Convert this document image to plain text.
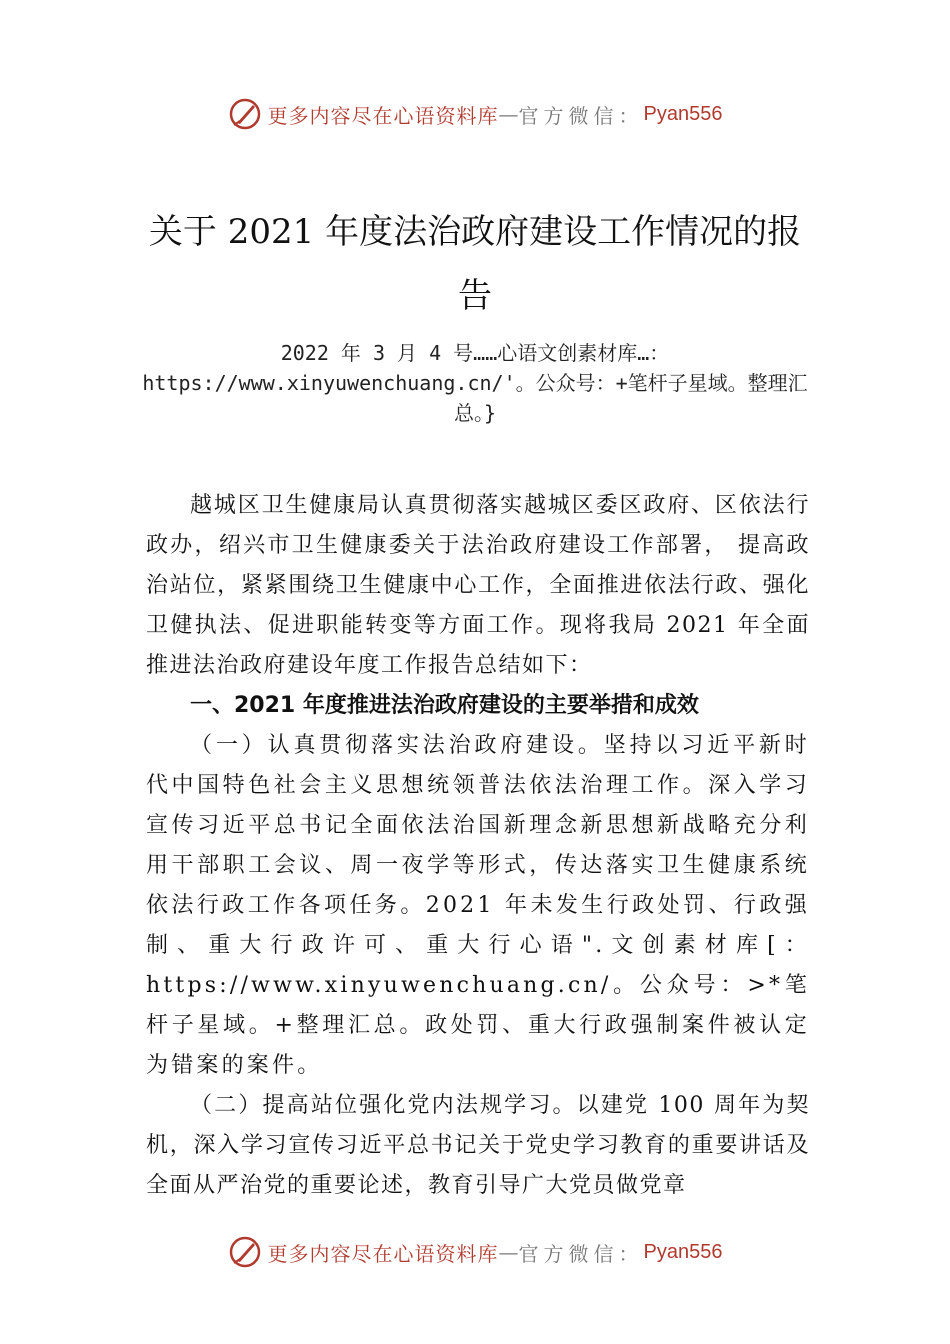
更多内容尽在心语资料库 — 官方微信： Pyan556
关于 2021 年度法治政府建设工作情况的报告
2022 年 3 月 4 号……心语文创素材库…：https://www.xinyuwenchuang.cn/'。公众号：+笔杆子星域。整理汇总。}

越城区卫生健康局认真贯彻落实越城区委区政府、区依法行政办，绍兴市卫生健康委关于法治政府建设工作部署， 提高政治站位，紧紧围绕卫生健康中心工作，全面推进依法行政、强化卫健执法、促进职能转变等方面工作。现将我局 2021 年全面推进法治政府建设年度工作报告总结如下：

一、2021 年度推进法治政府建设的主要举措和成效

（一）认真贯彻落实法治政府建设。坚持以习近平新时代中国特色社会主义思想统领普法依法治理工作。深入学习宣传习近平总书记全面依法治国新理念新思想新战略充分利用干部职工会议、周一夜学等形式，传达落实卫生健康系统依法行政工作各项任务。2021 年未发生行政处罚、行政强制、重大行政许可、重大行心语".文创素材库[：https://www.xinyuwenchuang.cn/。公众号：>*笔杆子星域。+整理汇总。政处罚、重大行政强制案件被认定为错案的案件。

（二）提高站位强化党内法规学习。以建党 100 周年为契机，深入学习宣传习近平总书记关于党史学习教育的重要讲话及全面从严治党的重要论述，教育引导广大党员做党章

更多内容尽在心语资料库 — 官方微信： Pyan556
